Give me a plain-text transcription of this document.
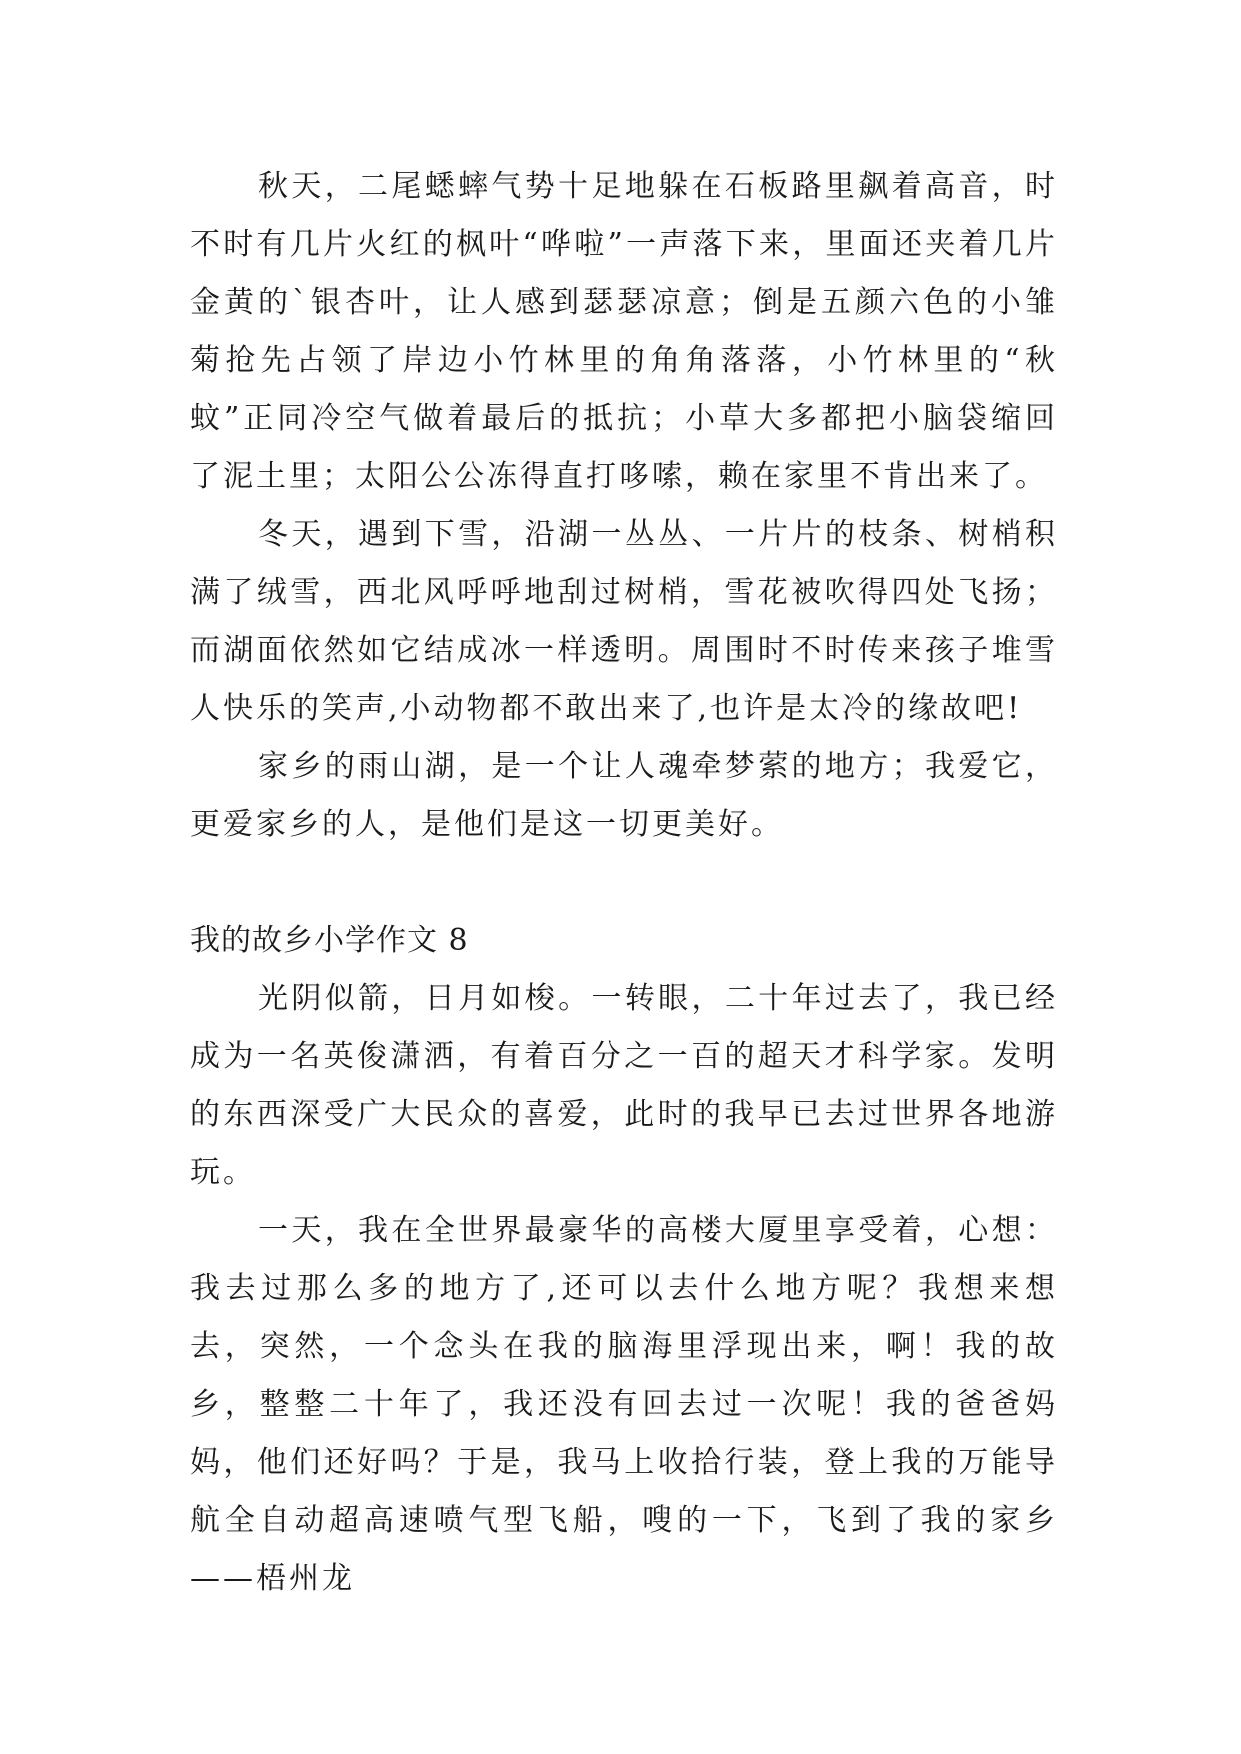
秋天，二尾蟋蟀气势十足地躲在石板路里飙着高音，时不时有几片火红的枫叶“哗啦”一声落下来，里面还夹着几片金黄的`银杏叶，让人感到瑟瑟凉意；倒是五颜六色的小雏菊抢先占领了岸边小竹林里的角角落落，小竹林里的“秋蚊”正同冷空气做着最后的抵抗；小草大多都把小脑袋缩回了泥土里；太阳公公冻得直打哆嗦，赖在家里不肯出来了。

冬天，遇到下雪，沿湖一丛丛、一片片的枝条、树梢积满了绒雪，西北风呼呼地刮过树梢，雪花被吹得四处飞扬；而湖面依然如它结成冰一样透明。周围时不时传来孩子堆雪人快乐的笑声,小动物都不敢出来了,也许是太冷的缘故吧!

家乡的雨山湖，是一个让人魂牵梦萦的地方；我爱它，更爱家乡的人，是他们是这一切更美好。

我的故乡小学作文 8

光阴似箭，日月如梭。一转眼，二十年过去了，我已经成为一名英俊潇洒，有着百分之一百的超天才科学家。发明的东西深受广大民众的喜爱，此时的我早已去过世界各地游玩。

一天，我在全世界最豪华的高楼大厦里享受着，心想：我去过那么多的地方了,还可以去什么地方呢？我想来想去，突然，一个念头在我的脑海里浮现出来，啊！我的故乡，整整二十年了，我还没有回去过一次呢！我的爸爸妈妈，他们还好吗？于是，我马上收拾行装，登上我的万能导航全自动超高速喷气型飞船，嗖的一下，飞到了我的家乡——梧州龙
